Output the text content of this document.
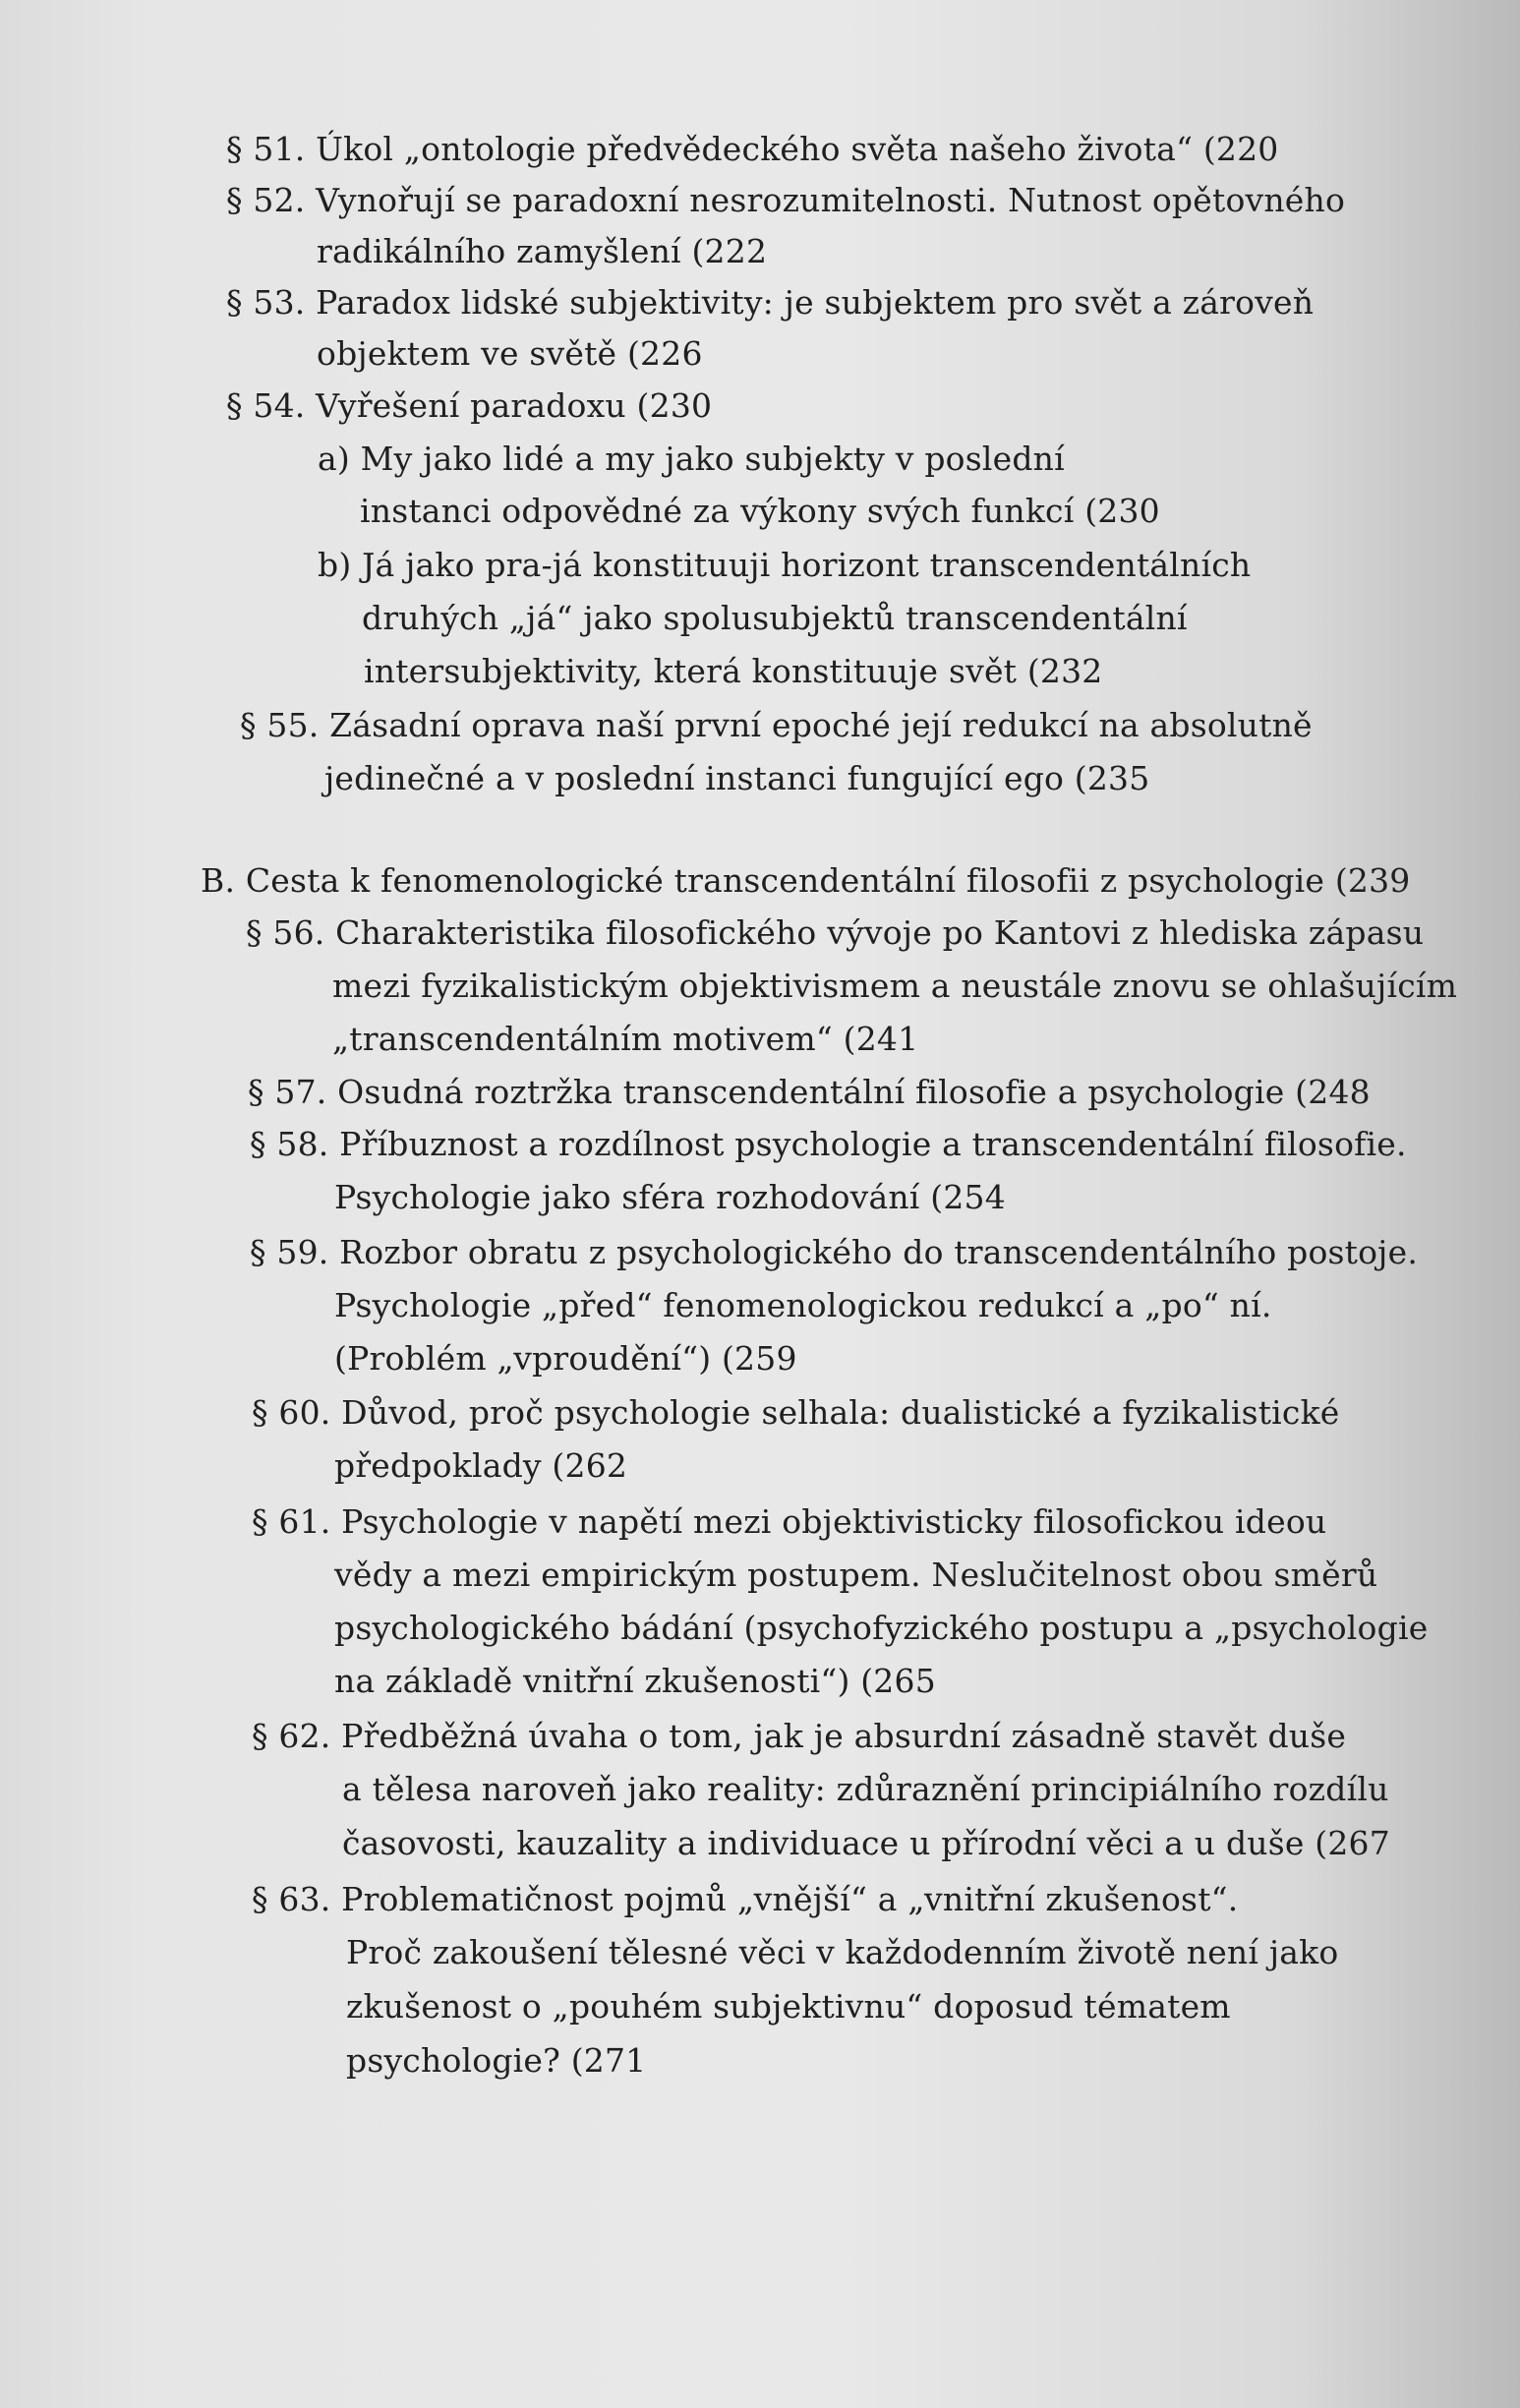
§ 51. Úkol „ontologie předvědeckého světa našeho života“ (220
§ 52. Vynořují se paradoxní nesrozumitelnosti. Nutnost opětovného
radikálního zamyšlení (222
§ 53. Paradox lidské subjektivity: je subjektem pro svět a zároveň
objektem ve světě (226
§ 54. Vyřešení paradoxu (230
a) My jako lidé a my jako subjekty v poslední
instanci odpovědné za výkony svých funkcí (230
b) Já jako pra-já konstituuji horizont transcendentálních
druhých „já“ jako spolusubjektů transcendentální
intersubjektivity, která konstituuje svět (232
§ 55. Zásadní oprava naší první epoché její redukcí na absolutně
jedinečné a v poslední instanci fungující ego (235
B. Cesta k fenomenologické transcendentální filosofii z psychologie (239
§ 56. Charakteristika filosofického vývoje po Kantovi z hlediska zápasu
mezi fyzikalistickým objektivismem a neustále znovu se ohlašujícím
„transcendentálním motivem“ (241
§ 57. Osudná roztržka transcendentální filosofie a psychologie (248
§ 58. Příbuznost a rozdílnost psychologie a transcendentální filosofie.
Psychologie jako sféra rozhodování (254
§ 59. Rozbor obratu z psychologického do transcendentálního postoje.
Psychologie „před“ fenomenologickou redukcí a „po“ ní.
(Problém „vproudění“) (259
§ 60. Důvod, proč psychologie selhala: dualistické a fyzikalistické
předpoklady (262
§ 61. Psychologie v napětí mezi objektivisticky filosofickou ideou
vědy a mezi empirickým postupem. Neslučitelnost obou směrů
psychologického bádání (psychofyzického postupu a „psychologie
na základě vnitřní zkušenosti“) (265
§ 62. Předběžná úvaha o tom, jak je absurdní zásadně stavět duše
a tělesa naroveň jako reality: zdůraznění principiálního rozdílu
časovosti, kauzality a individuace u přírodní věci a u duše (267
§ 63. Problematičnost pojmů „vnější“ a „vnitřní zkušenost“.
Proč zakoušení tělesné věci v každodenním životě není jako
zkušenost o „pouhém subjektivnu“ doposud tématem
psychologie? (271
